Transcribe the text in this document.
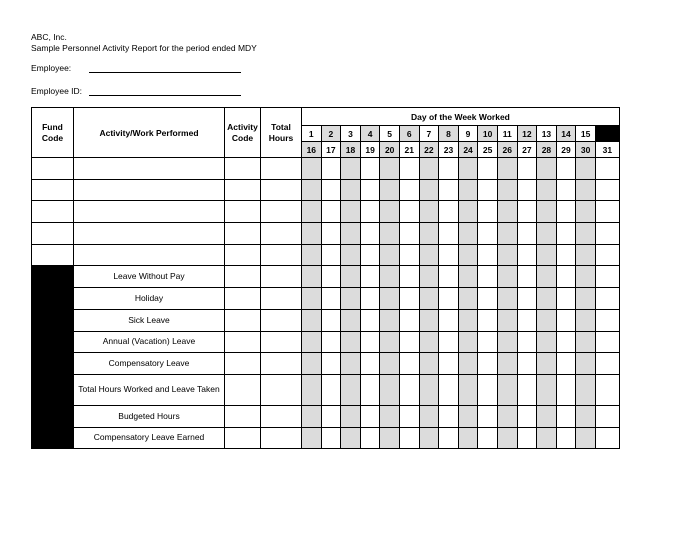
ABC, Inc.
Sample Personnel Activity Report for the period ended MDY
Employee:
Employee ID:
Fund Code	Activity/Work Performed	Activity Code	Total Hours	Day of the Week Worked															
				1	2	3	4	5	6	7	8	9	10	11	12	13	14	15	
				16	17	18	19	20	21	22	23	24	25	26	27	28	29	30	31

	Leave Without Pay																		
	Holiday																		
	Sick Leave																		
	Annual (Vacation) Leave																		
	Compensatory Leave																		
	Total Hours Worked and Leave Taken																		
	Budgeted Hours																		
	Compensatory Leave Earned																		
